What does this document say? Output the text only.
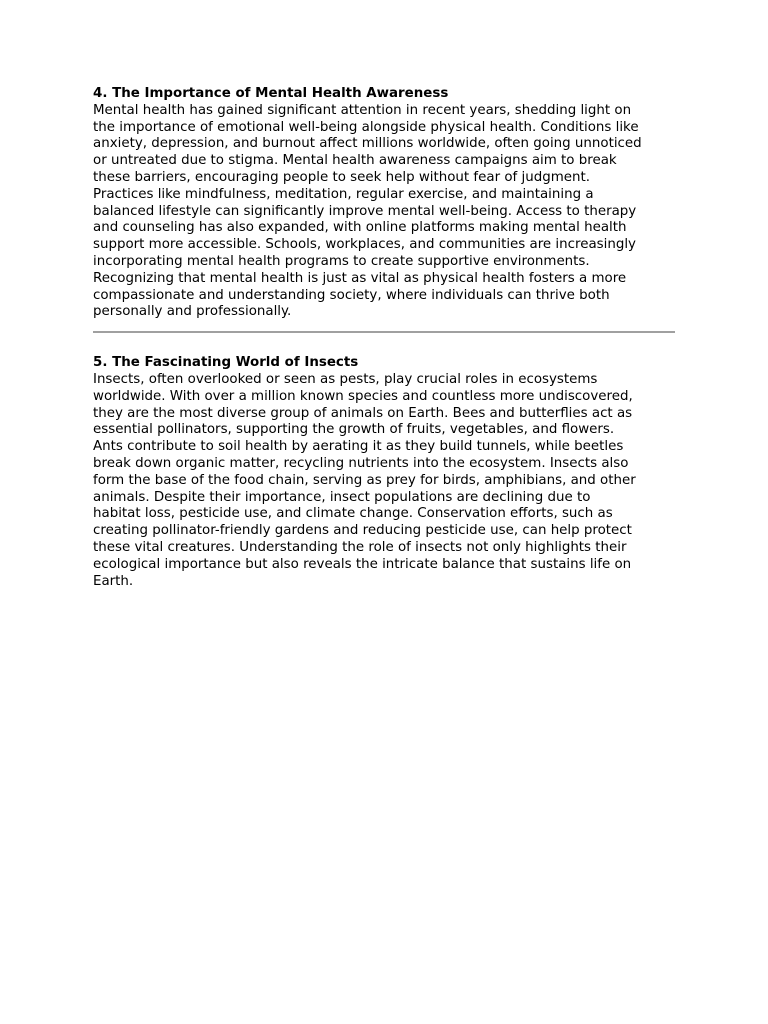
4. The Importance of Mental Health Awareness

Mental health has gained significant attention in recent years, shedding light on
the importance of emotional well-being alongside physical health. Conditions like
anxiety, depression, and burnout affect millions worldwide, often going unnoticed
or untreated due to stigma. Mental health awareness campaigns aim to break
these barriers, encouraging people to seek help without fear of judgment.
Practices like mindfulness, meditation, regular exercise, and maintaining a
balanced lifestyle can significantly improve mental well-being. Access to therapy
and counseling has also expanded, with online platforms making mental health
support more accessible. Schools, workplaces, and communities are increasingly
incorporating mental health programs to create supportive environments.
Recognizing that mental health is just as vital as physical health fosters a more
compassionate and understanding society, where individuals can thrive both
personally and professionally.

5. The Fascinating World of Insects

Insects, often overlooked or seen as pests, play crucial roles in ecosystems
worldwide. With over a million known species and countless more undiscovered,
they are the most diverse group of animals on Earth. Bees and butterflies act as
essential pollinators, supporting the growth of fruits, vegetables, and flowers.
Ants contribute to soil health by aerating it as they build tunnels, while beetles
break down organic matter, recycling nutrients into the ecosystem. Insects also
form the base of the food chain, serving as prey for birds, amphibians, and other
animals. Despite their importance, insect populations are declining due to
habitat loss, pesticide use, and climate change. Conservation efforts, such as
creating pollinator-friendly gardens and reducing pesticide use, can help protect
these vital creatures. Understanding the role of insects not only highlights their
ecological importance but also reveals the intricate balance that sustains life on
Earth.
